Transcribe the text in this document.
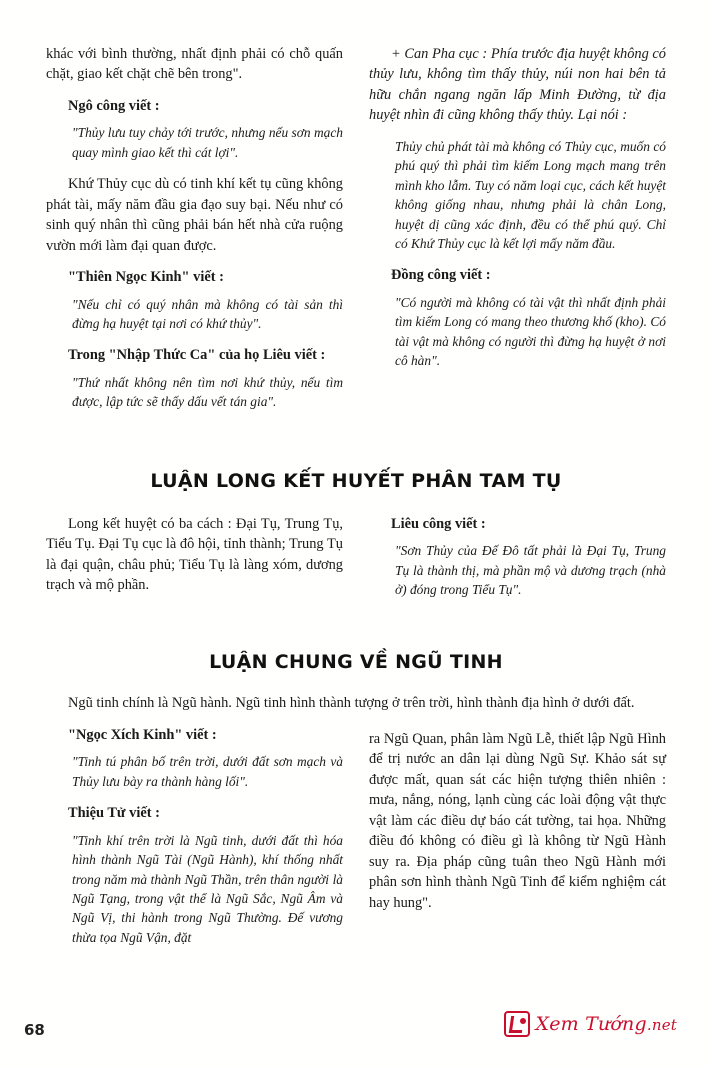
khác với bình thường, nhất định phải có chỗ quấn chặt, giao kết chặt chẽ bên trong".

Ngô công viết :

"Thủy lưu tuy chảy tới trước, nhưng nếu sơn mạch quay mình giao kết thì cát lợi".

Khứ Thủy cục dù có tinh khí kết tụ cũng không phát tài, mấy năm đầu gia đạo suy bại. Nếu như có sinh quý nhân thì cũng phải bán hết nhà cửa ruộng vườn mới làm đại quan được.

"Thiên Ngọc Kinh" viết :

"Nếu chỉ có quý nhân mà không có tài sản thì đừng hạ huyệt tại nơi có khứ thủy".

Trong "Nhập Thức Ca" của họ Liêu viết :

"Thứ nhất không nên tìm nơi khứ thủy, nếu tìm được, lập tức sẽ thấy dấu vết tán gia".

+ Can Pha cục : Phía trước địa huyệt không có thủy lưu, không tìm thấy thủy, núi non hai bên tả hữu chắn ngang ngăn lấp Minh Đường, từ địa huyệt nhìn đi cũng không thấy thủy. Lại nói :

Thủy chủ phát tài mà không có Thủy cục, muốn có phú quý thì phải tìm kiếm Long mạch mang trên mình kho lẫm. Tuy có năm loại cục, cách kết huyệt không giống nhau, nhưng phải là chân Long, huyệt dị cũng xác định, đều có thể phú quý. Chỉ có Khứ Thủy cục là kết lợi mấy năm đầu.

Đồng công viết :

"Có người mà không có tài vật thì nhất định phải tìm kiếm Long có mang theo thương khố (kho). Có tài vật mà không có người thì đừng hạ huyệt ở nơi cô hàn".

LUẬN LONG KẾT HUYẾT PHÂN TAM TỤ

Long kết huyệt có ba cách : Đại Tụ, Trung Tụ, Tiểu Tụ. Đại Tụ cục là đô hội, tỉnh thành; Trung Tụ là đại quận, châu phủ; Tiểu Tụ là làng xóm, dương trạch và mộ phần.

Liêu công viết :

"Sơn Thủy của Đế Đô tất phải là Đại Tụ, Trung Tụ là thành thị, mà phần mộ và dương trạch (nhà ở) đóng trong Tiểu Tụ".

LUẬN CHUNG VỀ NGŨ TINH

Ngũ tinh chính là Ngũ hành. Ngũ tinh hình thành tượng ở trên trời, hình thành địa hình ở dưới đất.

"Ngọc Xích Kinh" viết :

"Tinh tú phân bố trên trời, dưới đất sơn mạch và Thủy lưu bày ra thành hàng lối".

Thiệu Tử viết :

"Tinh khí trên trời là Ngũ tinh, dưới đất thì hóa hình thành Ngũ Tài (Ngũ Hành), khí thống nhất trong năm mà thành Ngũ Thần, trên thân người là Ngũ Tạng, trong vật thể là Ngũ Sắc, Ngũ Âm và Ngũ Vị, thi hành trong Ngũ Thường. Đế vương thừa tọa Ngũ Vận, đặt

ra Ngũ Quan, phân làm Ngũ Lễ, thiết lập Ngũ Hình để trị nước an dân lại dùng Ngũ Sự. Khảo sát sự được mất, quan sát các hiện tượng thiên nhiên : mưa, nắng, nóng, lạnh cùng các loài động vật thực vật làm các điều dự báo cát tường, tai họa. Những điều đó không có điều gì là không từ Ngũ Hành suy ra. Địa pháp cũng tuân theo Ngũ Hành mới phân sơn hình thành Ngũ Tinh để kiểm nghiệm cát hay hung".

68	Xem Tướng.net
